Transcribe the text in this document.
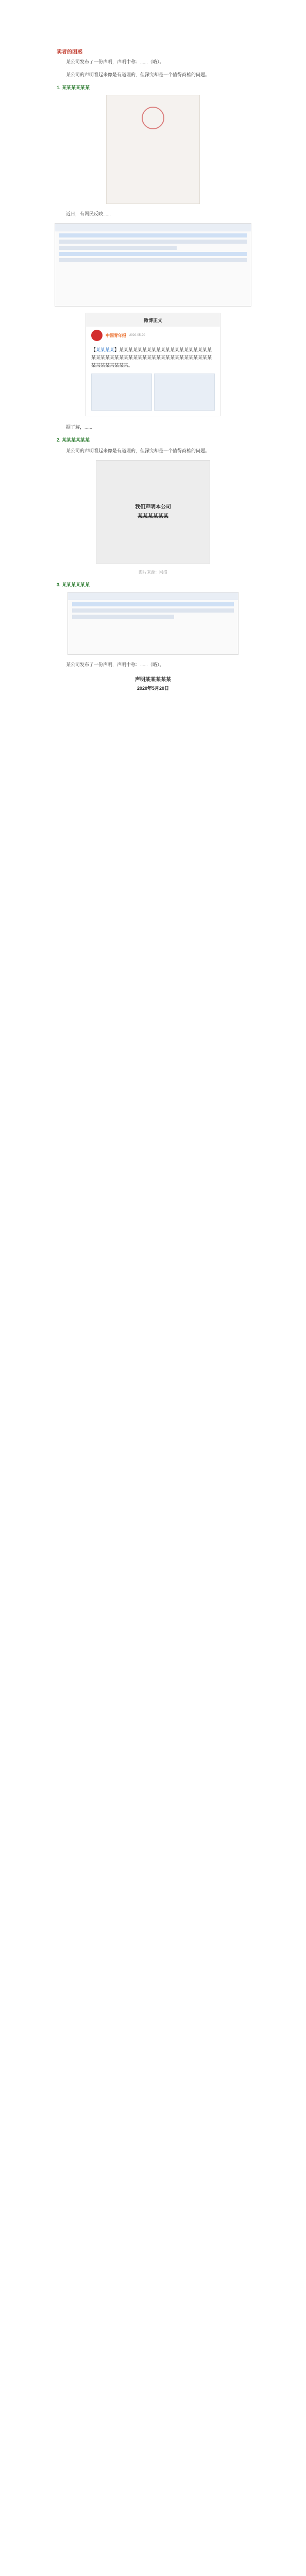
卖者的困惑
某公司发布了一份声明，声明中称：......（略）。
某公司的声明看起来像是有道理的，但深究却是一个值得商榷的问题。
1. 某某某某某某
近日，有网民反映......
微博正文
中国青年报 2020-05-20
【某某某某】某某某某某某某某某某某某某某某某某某某某某某某某某某某某某某某某某某某某某某某某某某某某某某某某某某某某某某。
据了解，......
2. 某某某某某某
某公司的声明看起来像是有道理的，但深究却是一个值得商榷的问题。
我们声明本公司
某某某某某某
图片来源：网络
3. 某某某某某某
某公司发布了一份声明，声明中称：......（略）。
声明某某某某某
2020年5月20日
